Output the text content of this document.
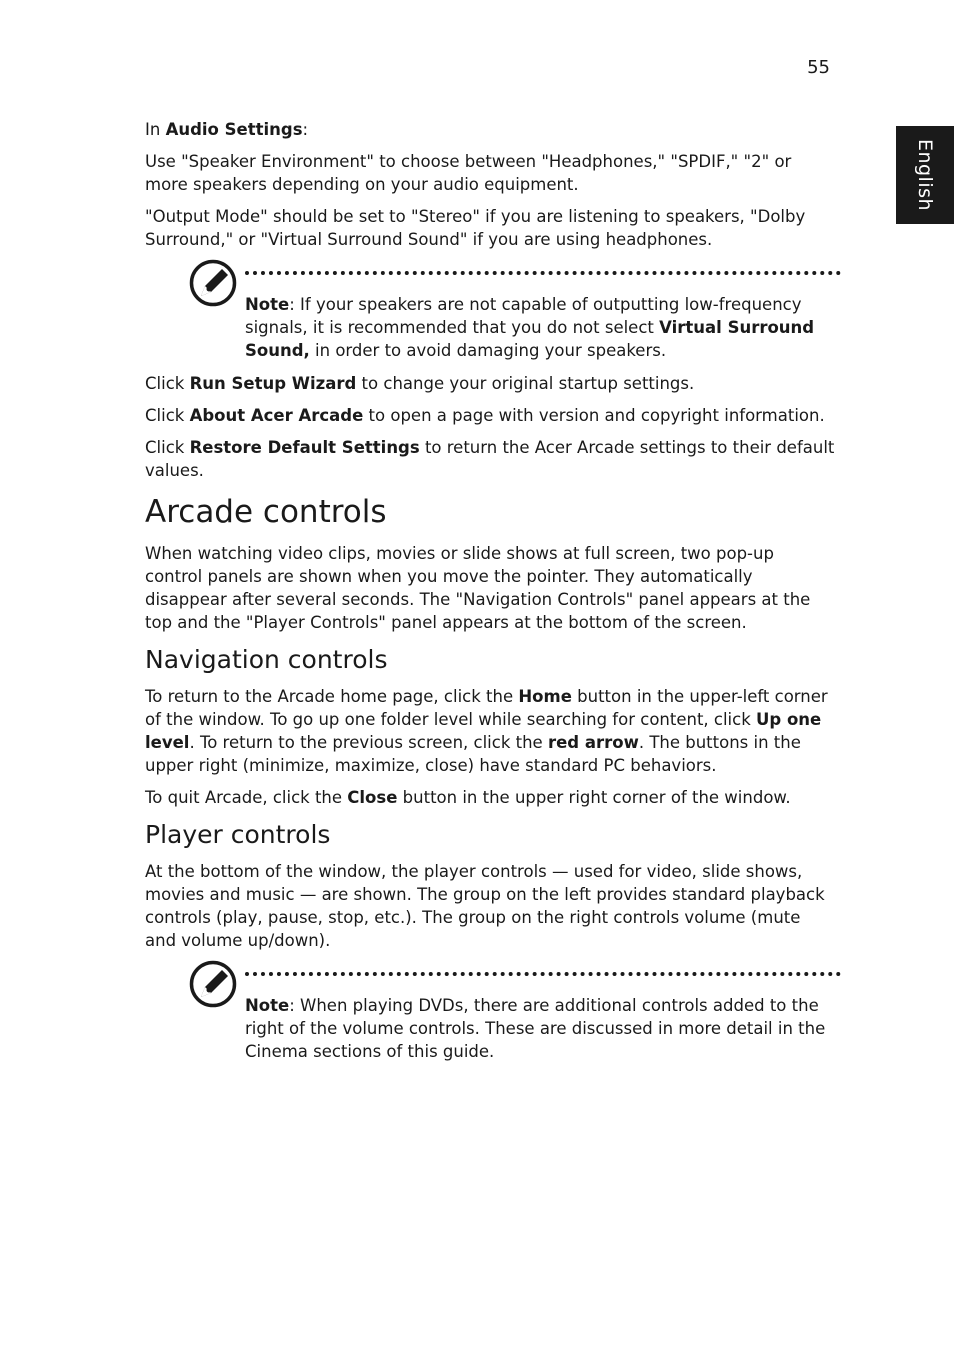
55
English

In Audio Settings:

Use "Speaker Environment" to choose between "Headphones," "SPDIF," "2" or more speakers depending on your audio equipment.

"Output Mode" should be set to "Stereo" if you are listening to speakers, "Dolby Surround," or "Virtual Surround Sound" if you are using headphones.

Note: If your speakers are not capable of outputting low-frequency signals, it is recommended that you do not select Virtual Surround Sound, in order to avoid damaging your speakers.

Click Run Setup Wizard to change your original startup settings.

Click About Acer Arcade to open a page with version and copyright information.

Click Restore Default Settings to return the Acer Arcade settings to their default values.

Arcade controls

When watching video clips, movies or slide shows at full screen, two pop-up control panels are shown when you move the pointer. They automatically disappear after several seconds. The "Navigation Controls" panel appears at the top and the "Player Controls" panel appears at the bottom of the screen.

Navigation controls

To return to the Arcade home page, click the Home button in the upper-left corner of the window. To go up one folder level while searching for content, click Up one level. To return to the previous screen, click the red arrow. The buttons in the upper right (minimize, maximize, close) have standard PC behaviors.

To quit Arcade, click the Close button in the upper right corner of the window.

Player controls

At the bottom of the window, the player controls — used for video, slide shows, movies and music — are shown. The group on the left provides standard playback controls (play, pause, stop, etc.). The group on the right controls volume (mute and volume up/down).

Note: When playing DVDs, there are additional controls added to the right of the volume controls. These are discussed in more detail in the Cinema sections of this guide.
